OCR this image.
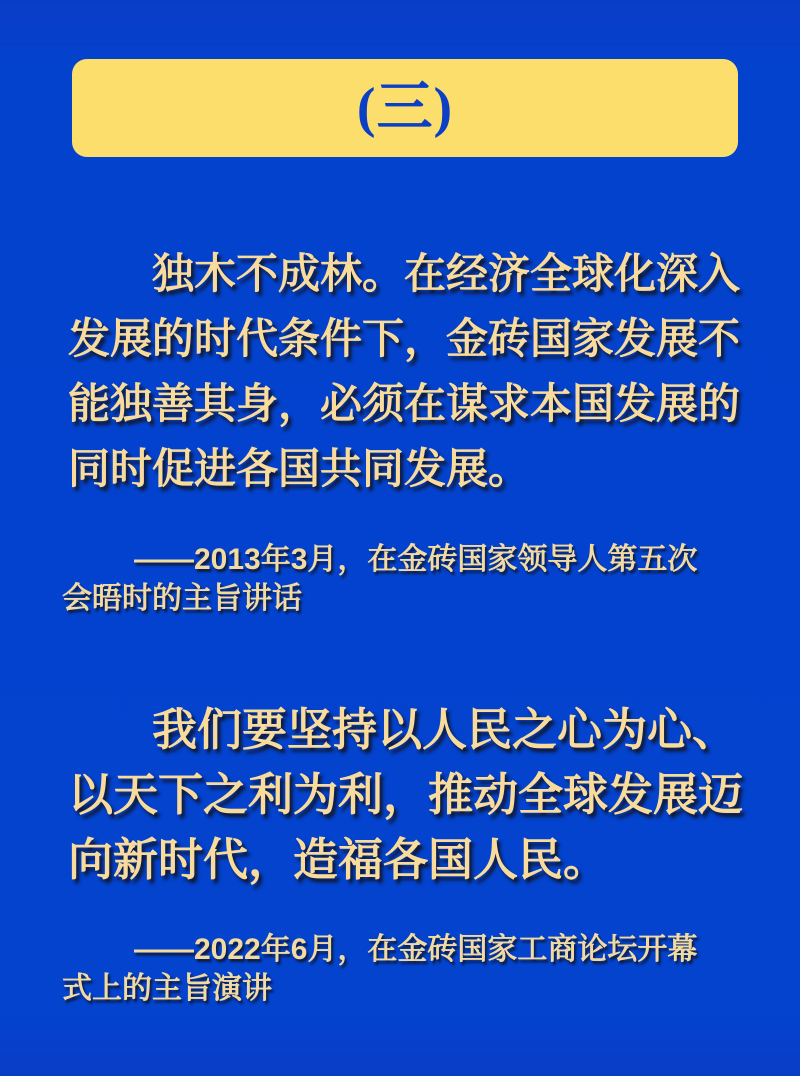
(三)
独木不成林。在经济全球化深入
发展的时代条件下，金砖国家发展不
能独善其身，必须在谋求本国发展的
同时促进各国共同发展。
——2013年3月，在金砖国家领导人第五次
会晤时的主旨讲话
我们要坚持以人民之心为心、
以天下之利为利，推动全球发展迈
向新时代，造福各国人民。
——2022年6月，在金砖国家工商论坛开幕
式上的主旨演讲
